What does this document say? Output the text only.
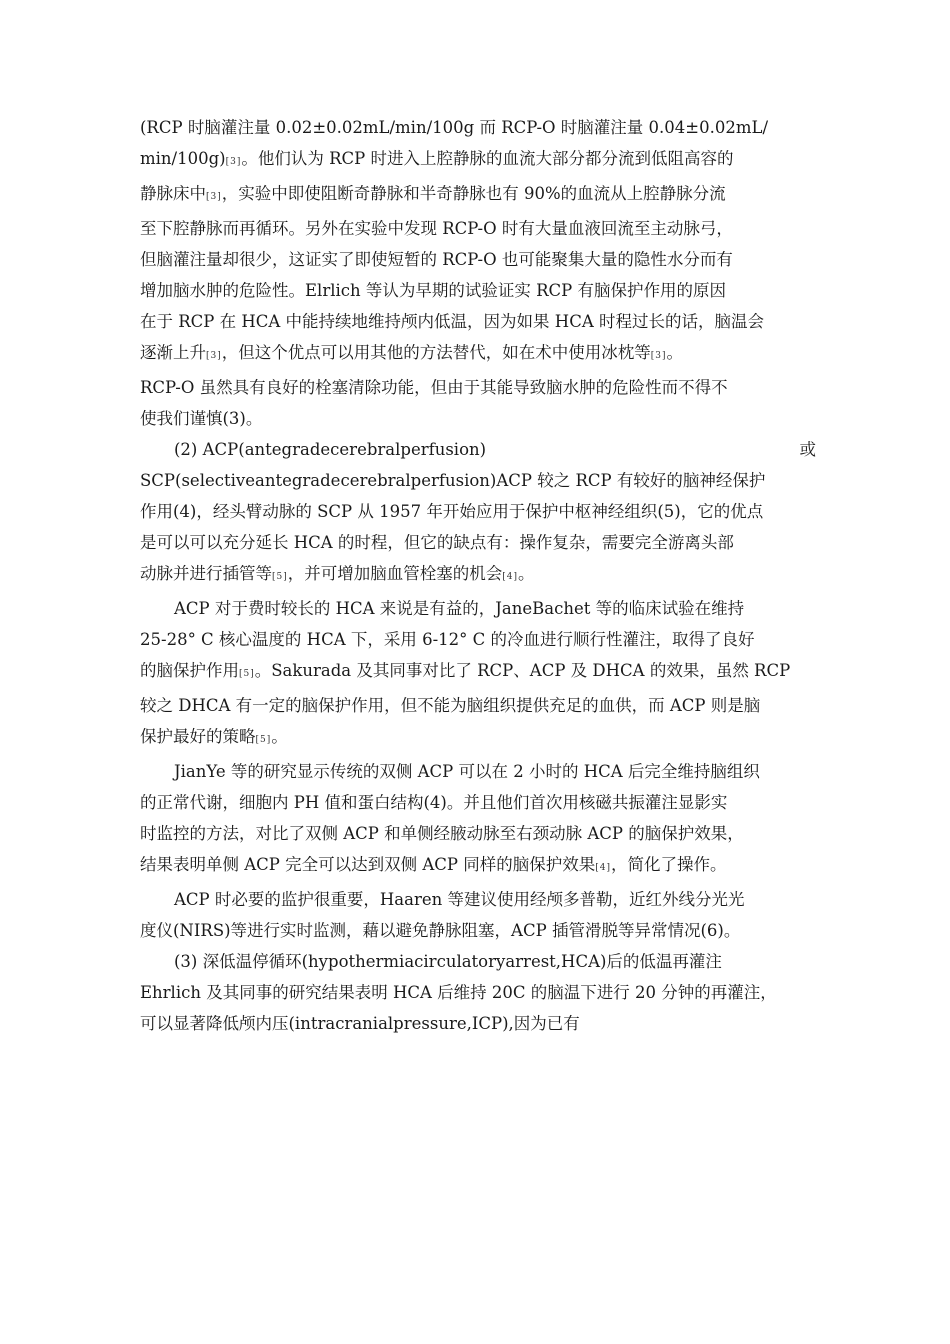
(RCP 时脑灌注量 0.02±0.02mL/min/100g 而 RCP-O 时脑灌注量 0.04±0.02mL/
min/100g)[3]。他们认为 RCP 时进入上腔静脉的血流大部分都分流到低阻高容的
静脉床中[3]，实验中即使阻断奇静脉和半奇静脉也有 90%的血流从上腔静脉分流
至下腔静脉而再循环。另外在实验中发现 RCP-O 时有大量血液回流至主动脉弓，
但脑灌注量却很少，这证实了即使短暂的 RCP-O 也可能聚集大量的隐性水分而有
增加脑水肿的危险性。Elrlich 等认为早期的试验证实 RCP 有脑保护作用的原因
在于 RCP 在 HCA 中能持续地维持颅内低温，因为如果 HCA 时程过长的话，脑温会
逐渐上升[3]，但这个优点可以用其他的方法替代，如在术中使用冰枕等[3]。
RCP-O 虽然具有良好的栓塞清除功能，但由于其能导致脑水肿的危险性而不得不
使我们谨慎(3)。

(2) ACP(antegradecerebralperfusion)	或
SCP(selectiveantegradecerebralperfusion)ACP 较之 RCP 有较好的脑神经保护
作用(4)，经头臂动脉的 SCP 从 1957 年开始应用于保护中枢神经组织(5)，它的优点
是可以可以充分延长 HCA 的时程，但它的缺点有：操作复杂，需要完全游离头部
动脉并进行插管等[5]，并可增加脑血管栓塞的机会[4]。

ACP 对于费时较长的 HCA 来说是有益的，JaneBachet 等的临床试验在维持
25-28° C 核心温度的 HCA 下，采用 6-12° C 的冷血进行顺行性灌注，取得了良好
的脑保护作用[5]。Sakurada 及其同事对比了 RCP、ACP 及 DHCA 的效果，虽然 RCP
较之 DHCA 有一定的脑保护作用，但不能为脑组织提供充足的血供，而 ACP 则是脑
保护最好的策略[5]。

JianYe 等的研究显示传统的双侧 ACP 可以在 2 小时的 HCA 后完全维持脑组织
的正常代谢，细胞内 PH 值和蛋白结构(4)。并且他们首次用核磁共振灌注显影实
时监控的方法，对比了双侧 ACP 和单侧经腋动脉至右颈动脉 ACP 的脑保护效果，
结果表明单侧 ACP 完全可以达到双侧 ACP 同样的脑保护效果[4]，简化了操作。

ACP 时必要的监护很重要，Haaren 等建议使用经颅多普勒，近红外线分光光
度仪(NIRS)等进行实时监测，藉以避免静脉阻塞，ACP 插管滑脱等异常情况(6)。

(3) 深低温停循环(hypothermiacirculatoryarrest,HCA)后的低温再灌注
Ehrlich 及其同事的研究结果表明 HCA 后维持 20C 的脑温下进行 20 分钟的再灌注，
可以显著降低颅内压(intracranialpressure,ICP),因为已有
